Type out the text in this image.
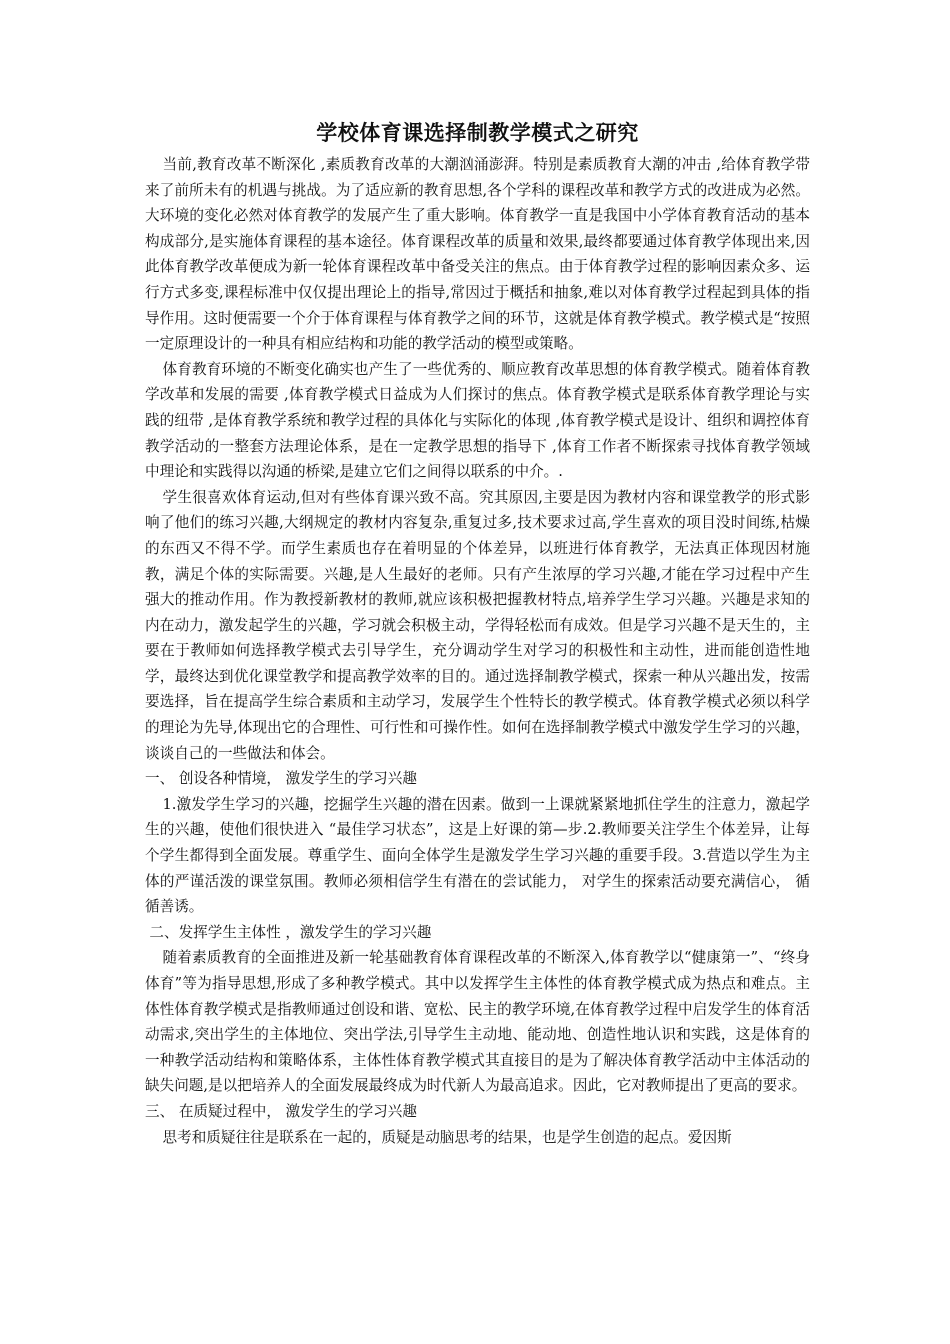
学校体育课选择制教学模式之研究

当前,教育改革不断深化 ,素质教育改革的大潮汹涌澎湃。特别是素质教育大潮的冲击 ,给体育教学带来了前所未有的机遇与挑战。为了适应新的教育思想,各个学科的课程改革和教学方式的改进成为必然。大环境的变化必然对体育教学的发展产生了重大影响。体育教学一直是我国中小学体育教育活动的基本构成部分,是实施体育课程的基本途径。体育课程改革的质量和效果,最终都要通过体育教学体现出来,因此体育教学改革便成为新一轮体育课程改革中备受关注的焦点。由于体育教学过程的影响因素众多、运行方式多变,课程标准中仅仅提出理论上的指导,常因过于概括和抽象,难以对体育教学过程起到具体的指导作用。这时便需要一个介于体育课程与体育教学之间的环节，这就是体育教学模式。教学模式是“按照一定原理设计的一种具有相应结构和功能的教学活动的模型或策略。

体育教育环境的不断变化确实也产生了一些优秀的、顺应教育改革思想的体育教学模式。随着体育教学改革和发展的需要 ,体育教学模式日益成为人们探讨的焦点。体育教学模式是联系体育教学理论与实践的纽带 ,是体育教学系统和教学过程的具体化与实际化的体现 ,体育教学模式是设计、组织和调控体育教学活动的一整套方法理论体系，是在一定教学思想的指导下 ,体育工作者不断探索寻找体育教学领域中理论和实践得以沟通的桥梁,是建立它们之间得以联系的中介。.

学生很喜欢体育运动,但对有些体育课兴致不高。究其原因,主要是因为教材内容和课堂教学的形式影响了他们的练习兴趣,大纲规定的教材内容复杂,重复过多,技术要求过高,学生喜欢的项目没时间练,枯燥的东西又不得不学。而学生素质也存在着明显的个体差异，以班进行体育教学，无法真正体现因材施教，满足个体的实际需要。兴趣,是人生最好的老师。只有产生浓厚的学习兴趣,才能在学习过程中产生强大的推动作用。作为教授新教材的教师,就应该积极把握教材特点,培养学生学习兴趣。兴趣是求知的内在动力，激发起学生的兴趣，学习就会积极主动，学得轻松而有成效。但是学习兴趣不是天生的，主要在于教师如何选择教学模式去引导学生，充分调动学生对学习的积极性和主动性，进而能创造性地学，最终达到优化课堂教学和提高教学效率的目的。通过选择制教学模式，探索一种从兴趣出发，按需要选择，旨在提高学生综合素质和主动学习，发展学生个性特长的教学模式。体育教学模式必须以科学的理论为先导,体现出它的合理性、可行性和可操作性。如何在选择制教学模式中激发学生学习的兴趣， 谈谈自己的一些做法和体会。

一、 创设各种情境， 激发学生的学习兴趣

1.激发学生学习的兴趣，挖掘学生兴趣的潜在因素。做到一上课就紧紧地抓住学生的注意力，激起学生的兴趣，使他们很快进入 “最佳学习状态”，这是上好课的第—步.2.教师要关注学生个体差异，让每个学生都得到全面发展。尊重学生、面向全体学生是激发学生学习兴趣的重要手段。3.营造以学生为主体的严谨活泼的课堂氛围。教师必须相信学生有潜在的尝试能力， 对学生的探索活动要充满信心， 循循善诱。

二、发挥学生主体性 ，激发学生的学习兴趣

随着素质教育的全面推进及新一轮基础教育体育课程改革的不断深入,体育教学以“健康第一”、“终身体育”等为指导思想,形成了多种教学模式。其中以发挥学生主体性的体育教学模式成为热点和难点。主体性体育教学模式是指教师通过创设和谐、宽松、民主的教学环境,在体育教学过程中启发学生的体育活动需求,突出学生的主体地位、突出学法,引导学生主动地、能动地、创造性地认识和实践，这是体育的一种教学活动结构和策略体系，主体性体育教学模式其直接目的是为了解决体育教学活动中主体活动的缺失问题,是以把培养人的全面发展最终成为时代新人为最高追求。因此，它对教师提出了更高的要求。

三、 在质疑过程中， 激发学生的学习兴趣

思考和质疑往往是联系在一起的，质疑是动脑思考的结果，也是学生创造的起点。爱因斯
